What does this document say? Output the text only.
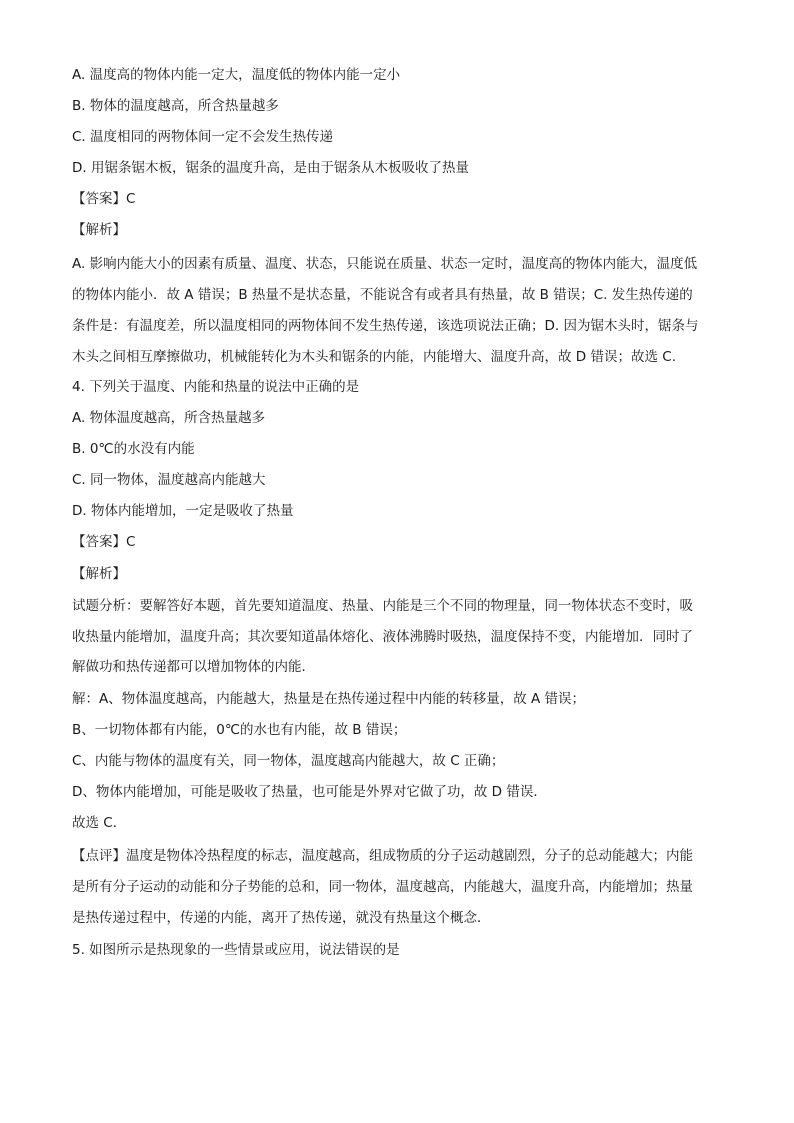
A. 温度高的物体内能一定大，温度低的物体内能一定小
B. 物体的温度越高，所含热量越多
C. 温度相同的两物体间一定不会发生热传递
D. 用锯条锯木板，锯条的温度升高，是由于锯条从木板吸收了热量
【答案】C
【解析】
A. 影响内能大小的因素有质量、温度、状态，只能说在质量、状态一定时，温度高的物体内能大，温度低
的物体内能小．故 A 错误；B 热量不是状态量，不能说含有或者具有热量，故 B 错误；C. 发生热传递的
条件是：有温度差，所以温度相同的两物体间不发生热传递，该选项说法正确；D. 因为锯木头时，锯条与
木头之间相互摩擦做功，机械能转化为木头和锯条的内能，内能增大、温度升高，故 D 错误；故选 C.
4. 下列关于温度、内能和热量的说法中正确的是
A. 物体温度越高，所含热量越多
B. 0℃的水没有内能
C. 同一物体，温度越高内能越大
D. 物体内能增加，一定是吸收了热量
【答案】C
【解析】
试题分析：要解答好本题，首先要知道温度、热量、内能是三个不同的物理量，同一物体状态不变时，吸
收热量内能增加，温度升高；其次要知道晶体熔化、液体沸腾时吸热，温度保持不变，内能增加．同时了
解做功和热传递都可以增加物体的内能．
解：A、物体温度越高，内能越大，热量是在热传递过程中内能的转移量，故 A 错误；
B、一切物体都有内能，0℃的水也有内能，故 B 错误；
C、内能与物体的温度有关，同一物体，温度越高内能越大，故 C 正确；
D、物体内能增加，可能是吸收了热量，也可能是外界对它做了功，故 D 错误．
故选 C．
【点评】温度是物体冷热程度的标志，温度越高，组成物质的分子运动越剧烈，分子的总动能越大；内能
是所有分子运动的动能和分子势能的总和，同一物体，温度越高，内能越大，温度升高，内能增加；热量
是热传递过程中，传递的内能，离开了热传递，就没有热量这个概念．
5. 如图所示是热现象的一些情景或应用，说法错误的是
